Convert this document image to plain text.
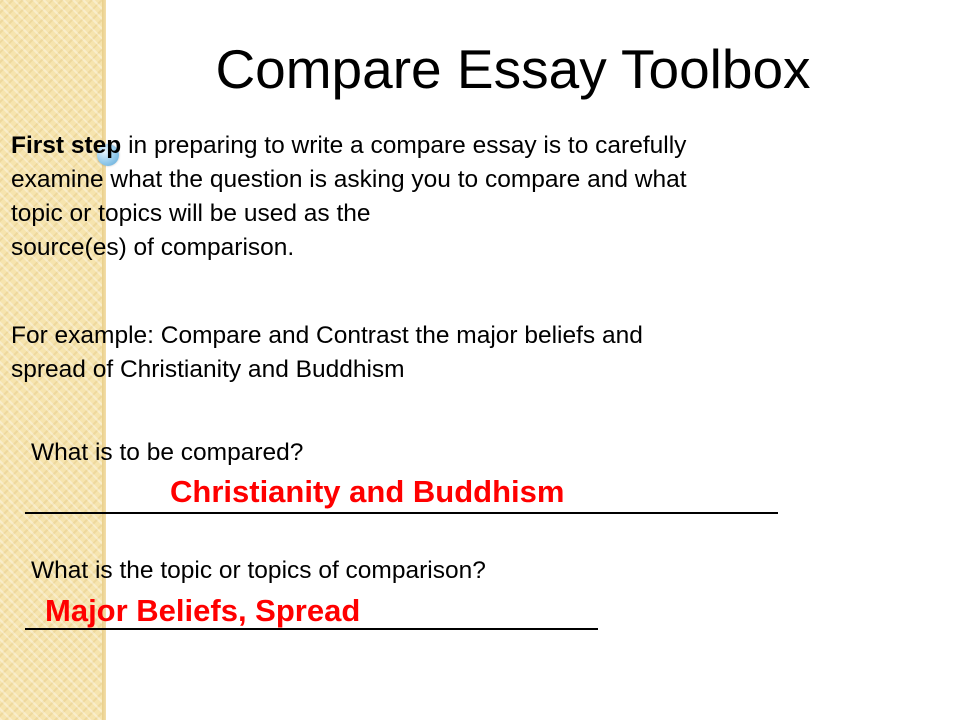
Compare Essay Toolbox
First step in preparing to write a compare essay is to carefully
examine what the question is asking you to compare and what
topic or topics will be used as the
source(es) of comparison.
For example: Compare and Contrast the major beliefs and
spread of Christianity and Buddhism
What is to be compared?
Christianity and Buddhism
What is the topic or topics of comparison?
Major Beliefs, Spread
